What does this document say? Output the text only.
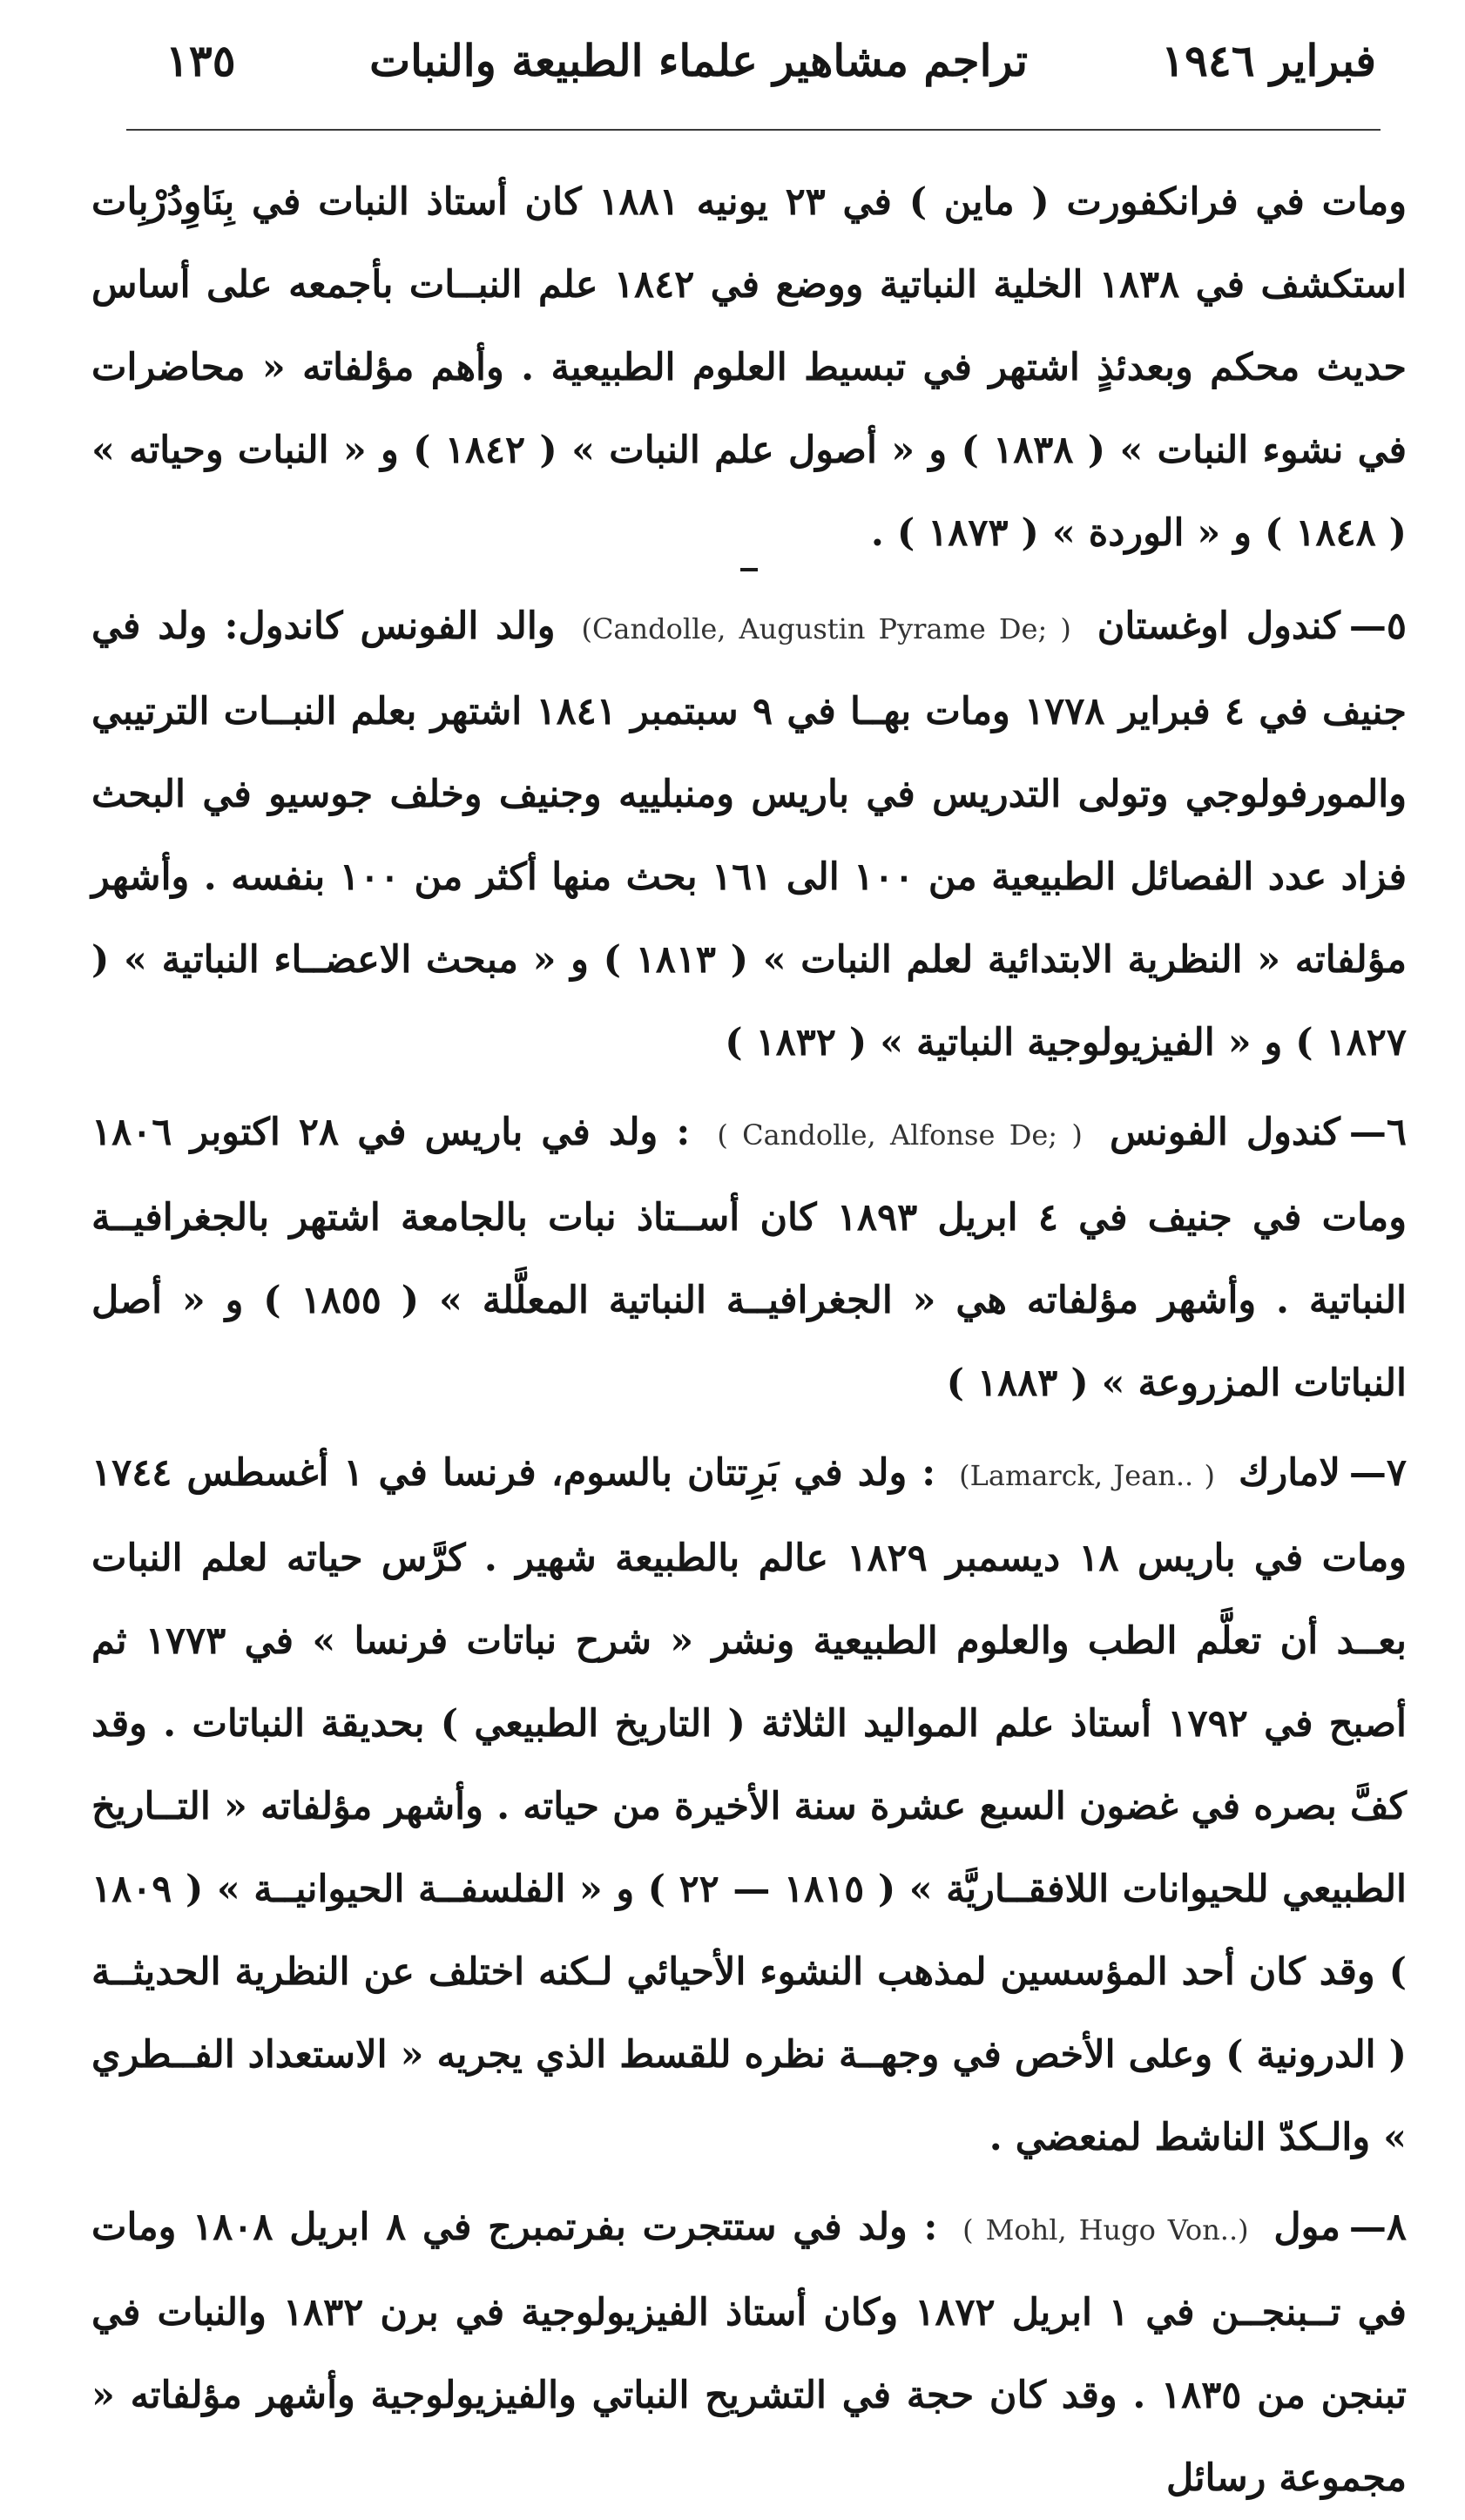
فبراير ١٩٤٦
تراجم مشاهير علماء الطبيعة والنبات
١٣٥

ومات في فرانكفورت ( ماين ) في ٢٣ يونيه ١٨٨١ كان أستاذ النبات في بِنَاوِدُرْبِات استكشف في ١٨٣٨ الخلية النباتية ووضع في ١٨٤٢ علم النبــات بأجمعه على أساس حديث محكم وبعدئذٍ اشتهر في تبسيط العلوم الطبيعية . وأهم مؤلفاته « محاضرات في نشوء النبات » ( ١٨٣٨ ) و « أصول علم النبات » ( ١٨٤٢ ) و « النبات وحياته » ( ١٨٤٨ ) و « الوردة » ( ١٨٧٣ ) .

٥—كندول اوغستان (Candolle, Augustin Pyrame De; ) والد الفونس كاندول: ولد في جنيف في ٤ فبراير ١٧٧٨ ومات بهــا في ٩ سبتمبر ١٨٤١ اشتهر بعلم النبــات الترتيبي والمورفولوجي وتولى التدريس في باريس ومنبلييه وجنيف وخلف جوسيو في البحث فزاد عدد الفصائل الطبيعية من ١٠٠ الى ١٦١ بحث منها أكثر من ١٠٠ بنفسه . وأشهر مؤلفاته « النظرية الابتدائية لعلم النبات » ( ١٨١٣ ) و « مبحث الاعضــاء النباتية » ( ١٨٢٧ ) و « الفيزيولوجية النباتية » ( ١٨٣٢ )

٦—كندول الفونس ( Candolle, Alfonse De; ) : ولد في باريس في ٢٨ اكتوبر ١٨٠٦ ومات في جنيف في ٤ ابريل ١٨٩٣ كان أســتاذ نبات بالجامعة اشتهر بالجغرافيــة النباتية . وأشهر مؤلفاته هي « الجغرافيــة النباتية المعلَّلة » ( ١٨٥٥ ) و « أصل النباتات المزروعة » ( ١٨٨٣ )

٧—لامارك (Lamarck, Jean.. ) : ولد في بَرِتتان بالسوم، فرنسا في ١ أغسطس ١٧٤٤ ومات في باريس ١٨ ديسمبر ١٨٢٩ عالم بالطبيعة شهير . كرَّس حياته لعلم النبات بعــد أن تعلَّم الطب والعلوم الطبيعية ونشر « شرح نباتات فرنسا » في ١٧٧٣ ثم أصبح في ١٧٩٢ أستاذ علم المواليد الثلاثة ( التاريخ الطبيعي ) بحديقة النباتات . وقد كفَّ بصره في غضون السبع عشرة سنة الأخيرة من حياته . وأشهر مؤلفاته « التــاريخ الطبيعي للحيوانات اللافقــاريَّة » ( ١٨١٥ — ٢٢ ) و « الفلسفــة الحيوانيــة » ( ١٨٠٩ ) وقد كان أحد المؤسسين لمذهب النشوء الأحيائي لـكنه اختلف عن النظرية الحديثــة ( الدرونية ) وعلى الأخص في وجهــة نظره للقسط الذي يجريه « الاستعداد الفــطري » والـكدّ الناشط لمنعضي .

٨—مول ( Mohl, Hugo Von..) : ولد في ستتجرت بفرتمبرج في ٨ ابريل ١٨٠٨ ومات في تــبنجــن في ١ ابريل ١٨٧٢ وكان أستاذ الفيزيولوجية في برن ١٨٣٢ والنبات في تبنجن من ١٨٣٥ . وقد كان حجة في التشريح النباتي والفيزيولوجية وأشهر مؤلفاته « مجموعة رسائل
